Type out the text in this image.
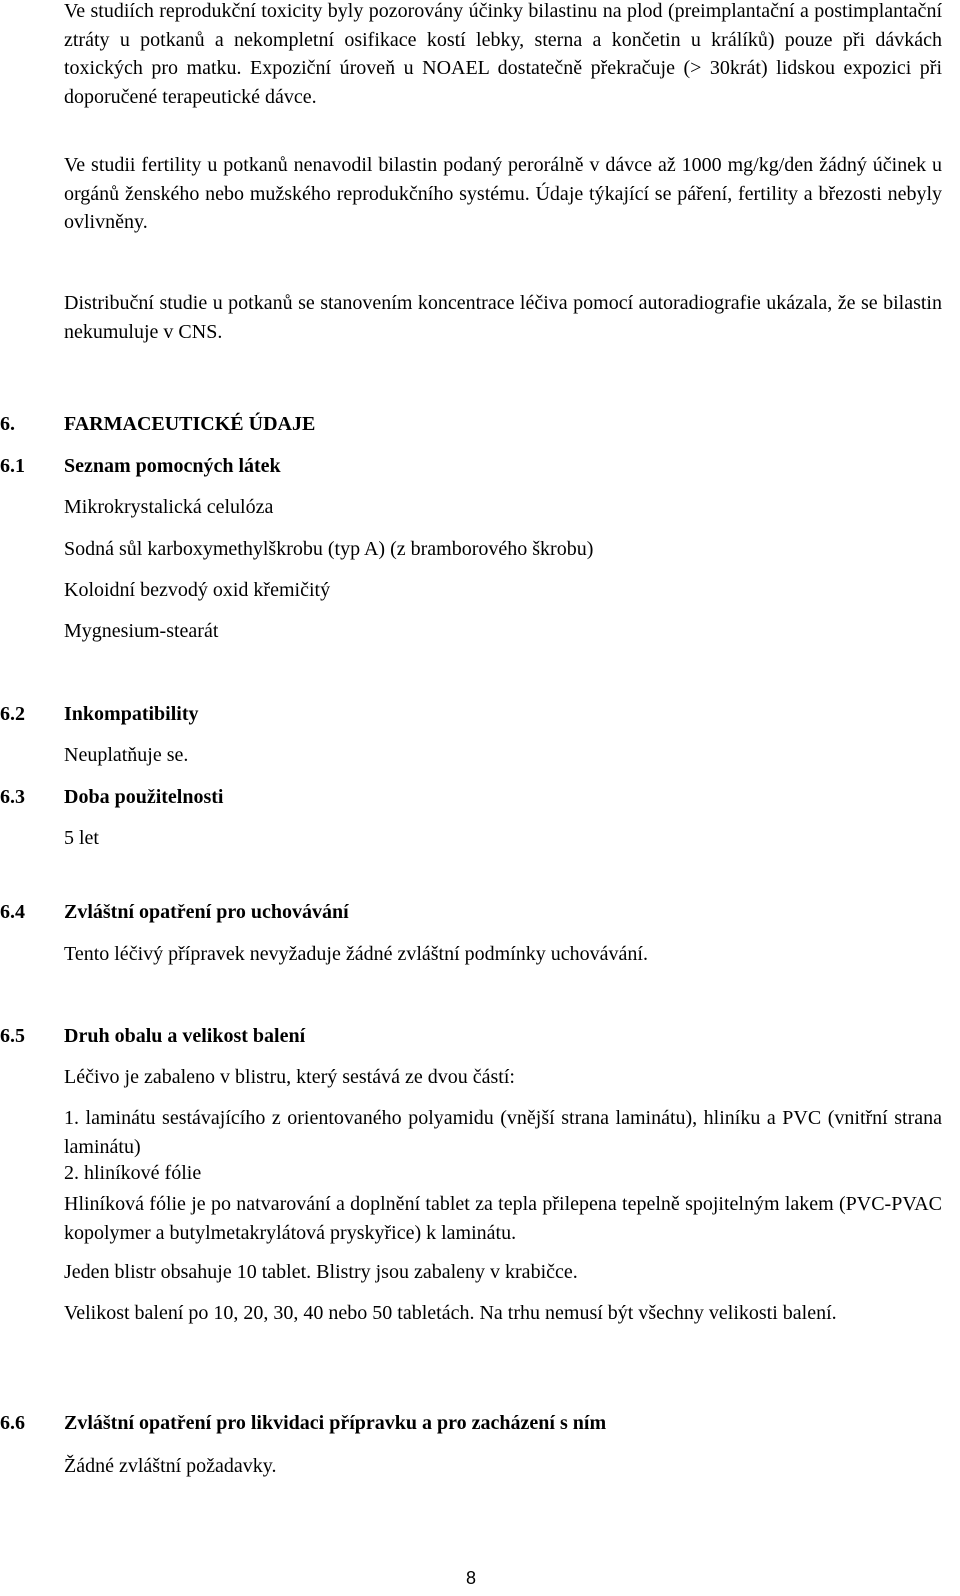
Ve studiích reprodukční toxicity byly pozorovány účinky bilastinu na plod (preimplantační a postimplantační ztráty u potkanů a nekompletní osifikace kostí lebky, sterna a končetin u králíků) pouze při dávkách toxických pro matku. Expoziční úroveň u NOAEL dostatečně překračuje (> 30krát) lidskou expozici při doporučené terapeutické dávce.
Ve studii fertility u potkanů nenavodil bilastin podaný perorálně v dávce až 1000 mg/kg/den žádný účinek u orgánů ženského nebo mužského reprodukčního systému. Údaje týkající se páření, fertility a březosti nebyly ovlivněny.
Distribuční studie u potkanů se stanovením koncentrace léčiva pomocí autoradiografie ukázala, že se bilastin nekumuluje v CNS.
6. FARMACEUTICKÉ ÚDAJE
6.1 Seznam pomocných látek
Mikrokrystalická celulóza
Sodná sůl karboxymethylškrobu (typ A) (z bramborového škrobu)
Koloidní bezvodý oxid křemičitý
Mygnesium-stearát
6.2 Inkompatibility
Neuplatňuje se.
6.3 Doba použitelnosti
5 let
6.4 Zvláštní opatření pro uchovávání
Tento léčivý přípravek nevyžaduje žádné zvláštní podmínky uchovávání.
6.5 Druh obalu a velikost balení
Léčivo je zabaleno v blistru, který sestává ze dvou částí:
1. laminátu sestávajícího z orientovaného polyamidu (vnější strana laminátu), hliníku a PVC (vnitřní strana laminátu)
2. hliníkové fólie
Hliníková fólie je po natvarování a doplnění tablet za tepla přilepena tepelně spojitelným lakem (PVC-PVAC kopolymer a butylmetakrylátová pryskyřice) k laminátu.
Jeden blistr obsahuje 10 tablet. Blistry jsou zabaleny v krabičce.
Velikost balení po 10, 20, 30, 40 nebo 50 tabletách. Na trhu nemusí být všechny velikosti balení.
6.6 Zvláštní opatření pro likvidaci přípravku a pro zacházení s ním
Žádné zvláštní požadavky.
8
